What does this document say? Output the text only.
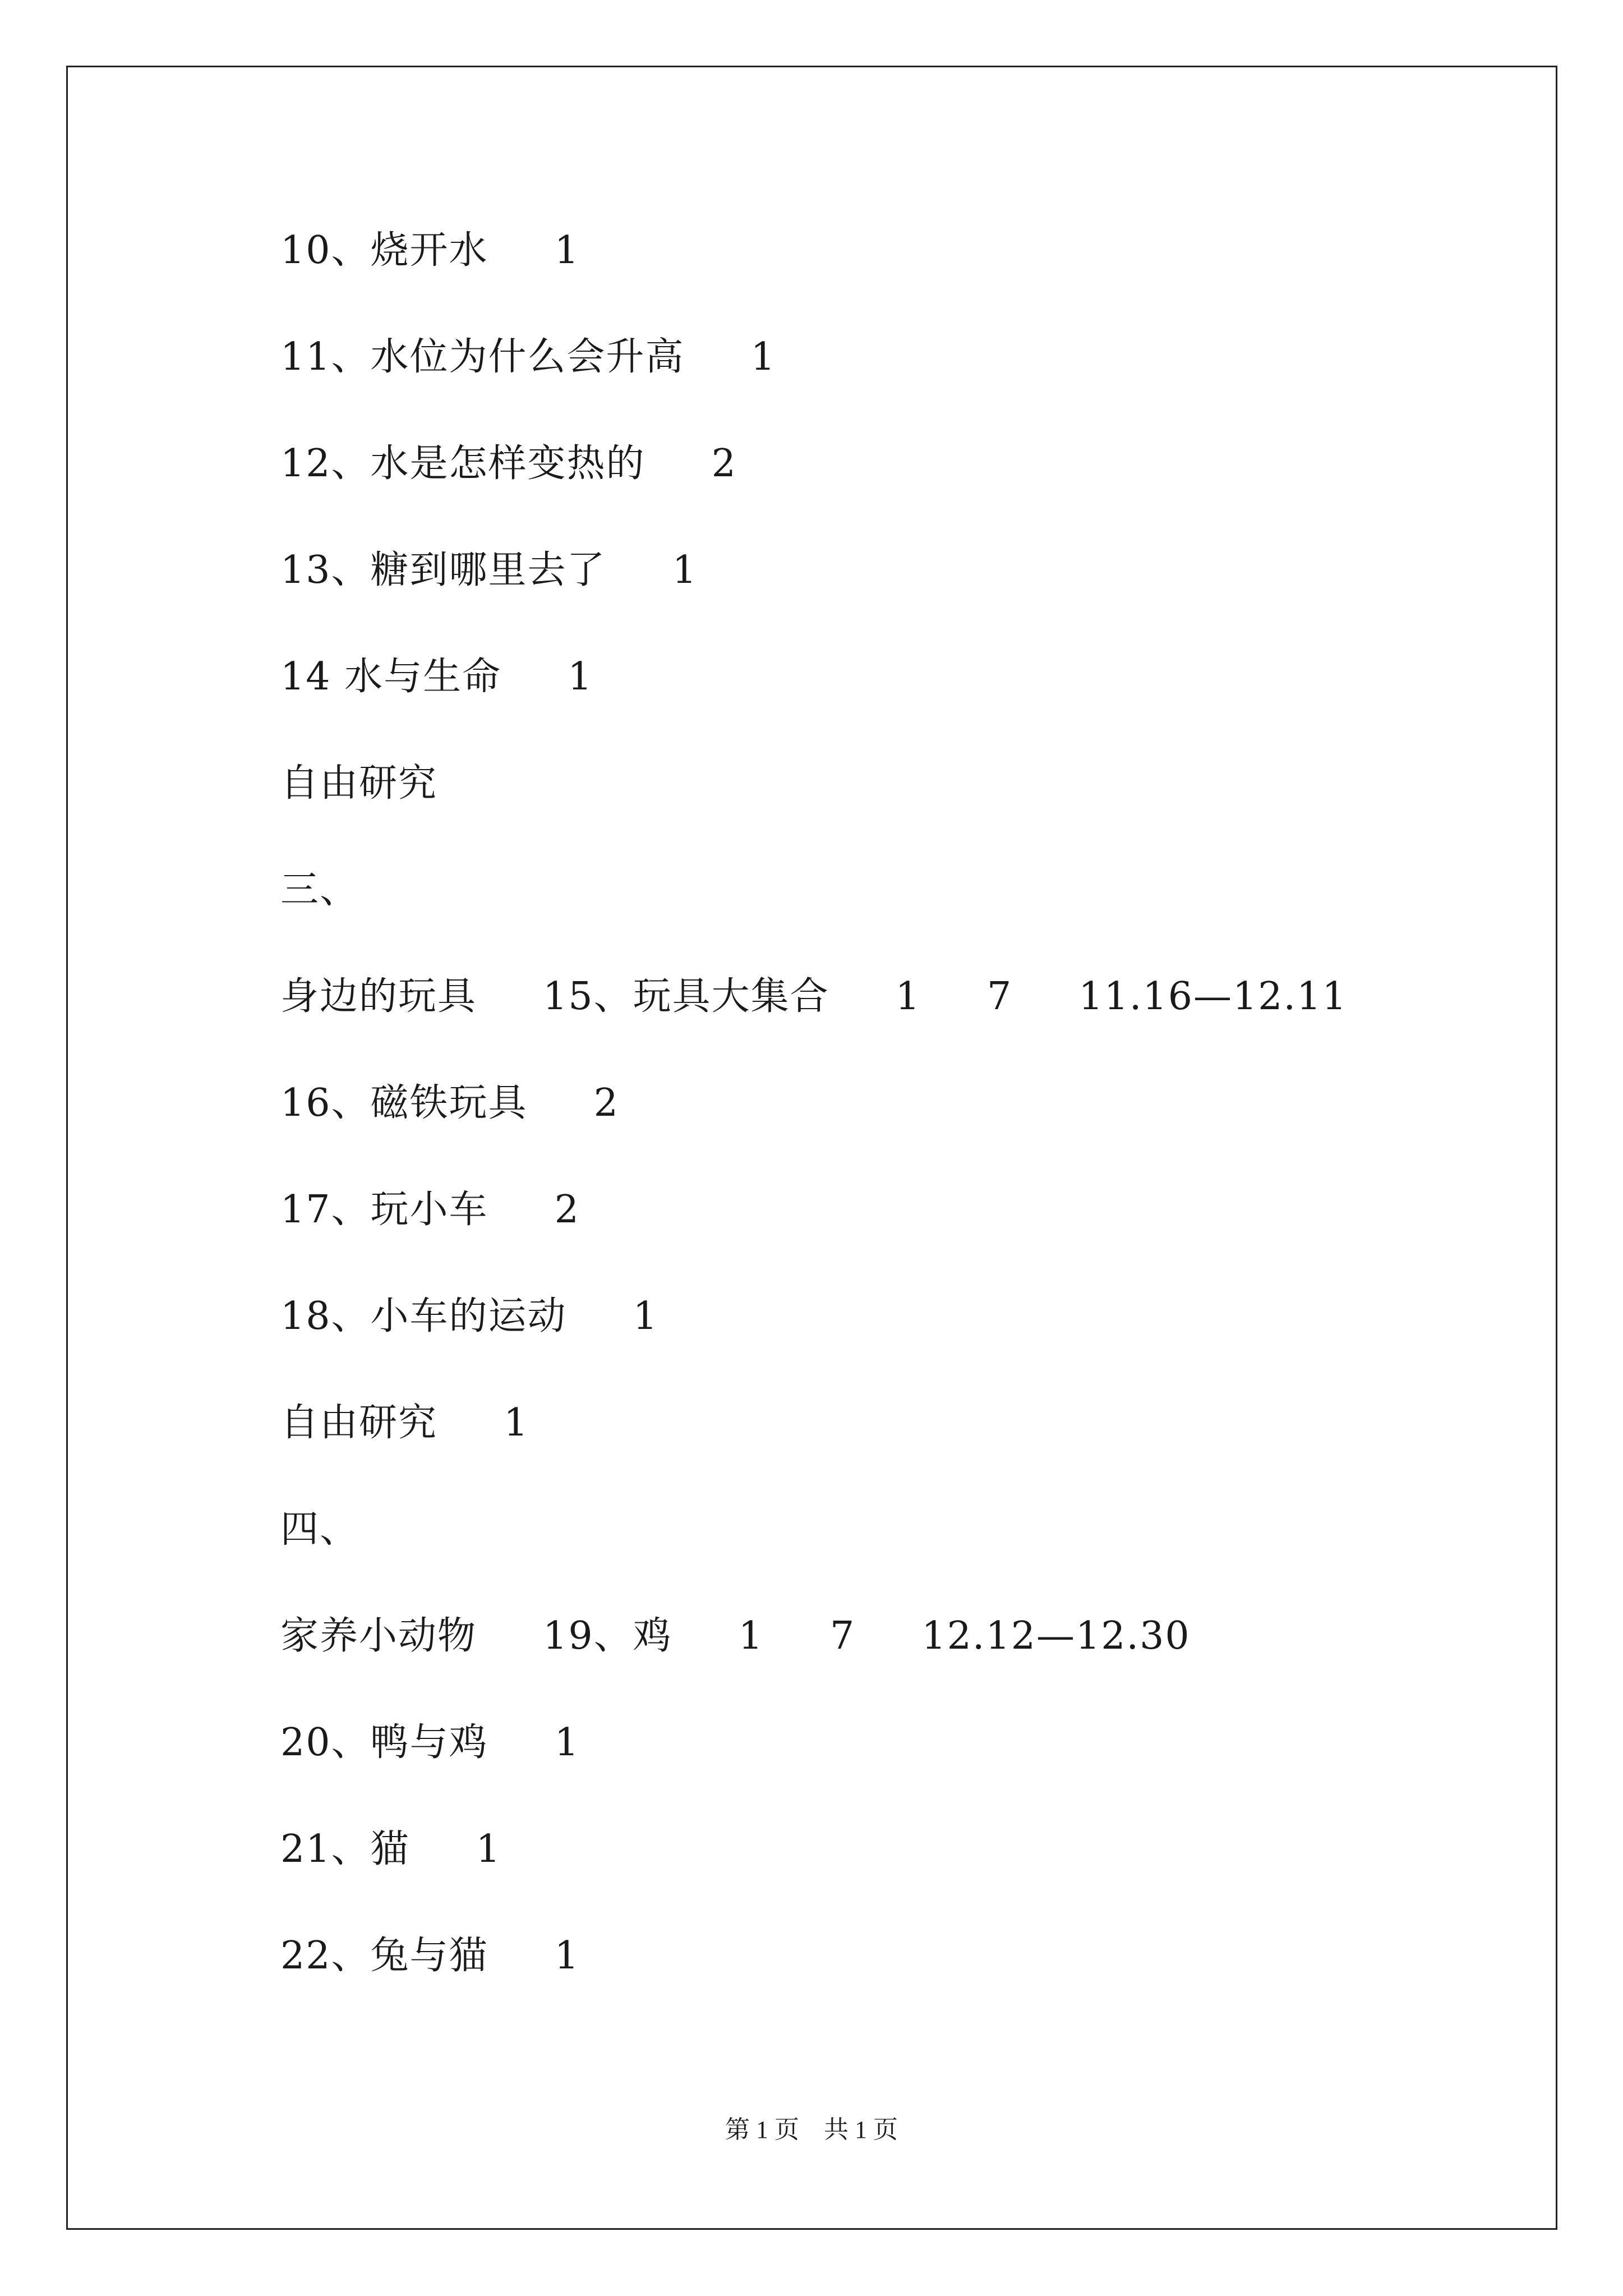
10、烧开水     1
11、水位为什么会升高     1
12、水是怎样变热的     2
13、糖到哪里去了     1
14 水与生命     1
自由研究
三、
身边的玩具     15、玩具大集合     1     7     11.16—12.11
16、磁铁玩具     2
17、玩小车     2
18、小车的运动     1
自由研究     1
四、
家养小动物     19、鸡     1     7     12.12—12.30
20、鸭与鸡     1
21、猫     1
22、兔与猫     1
第 1 页    共 1 页
